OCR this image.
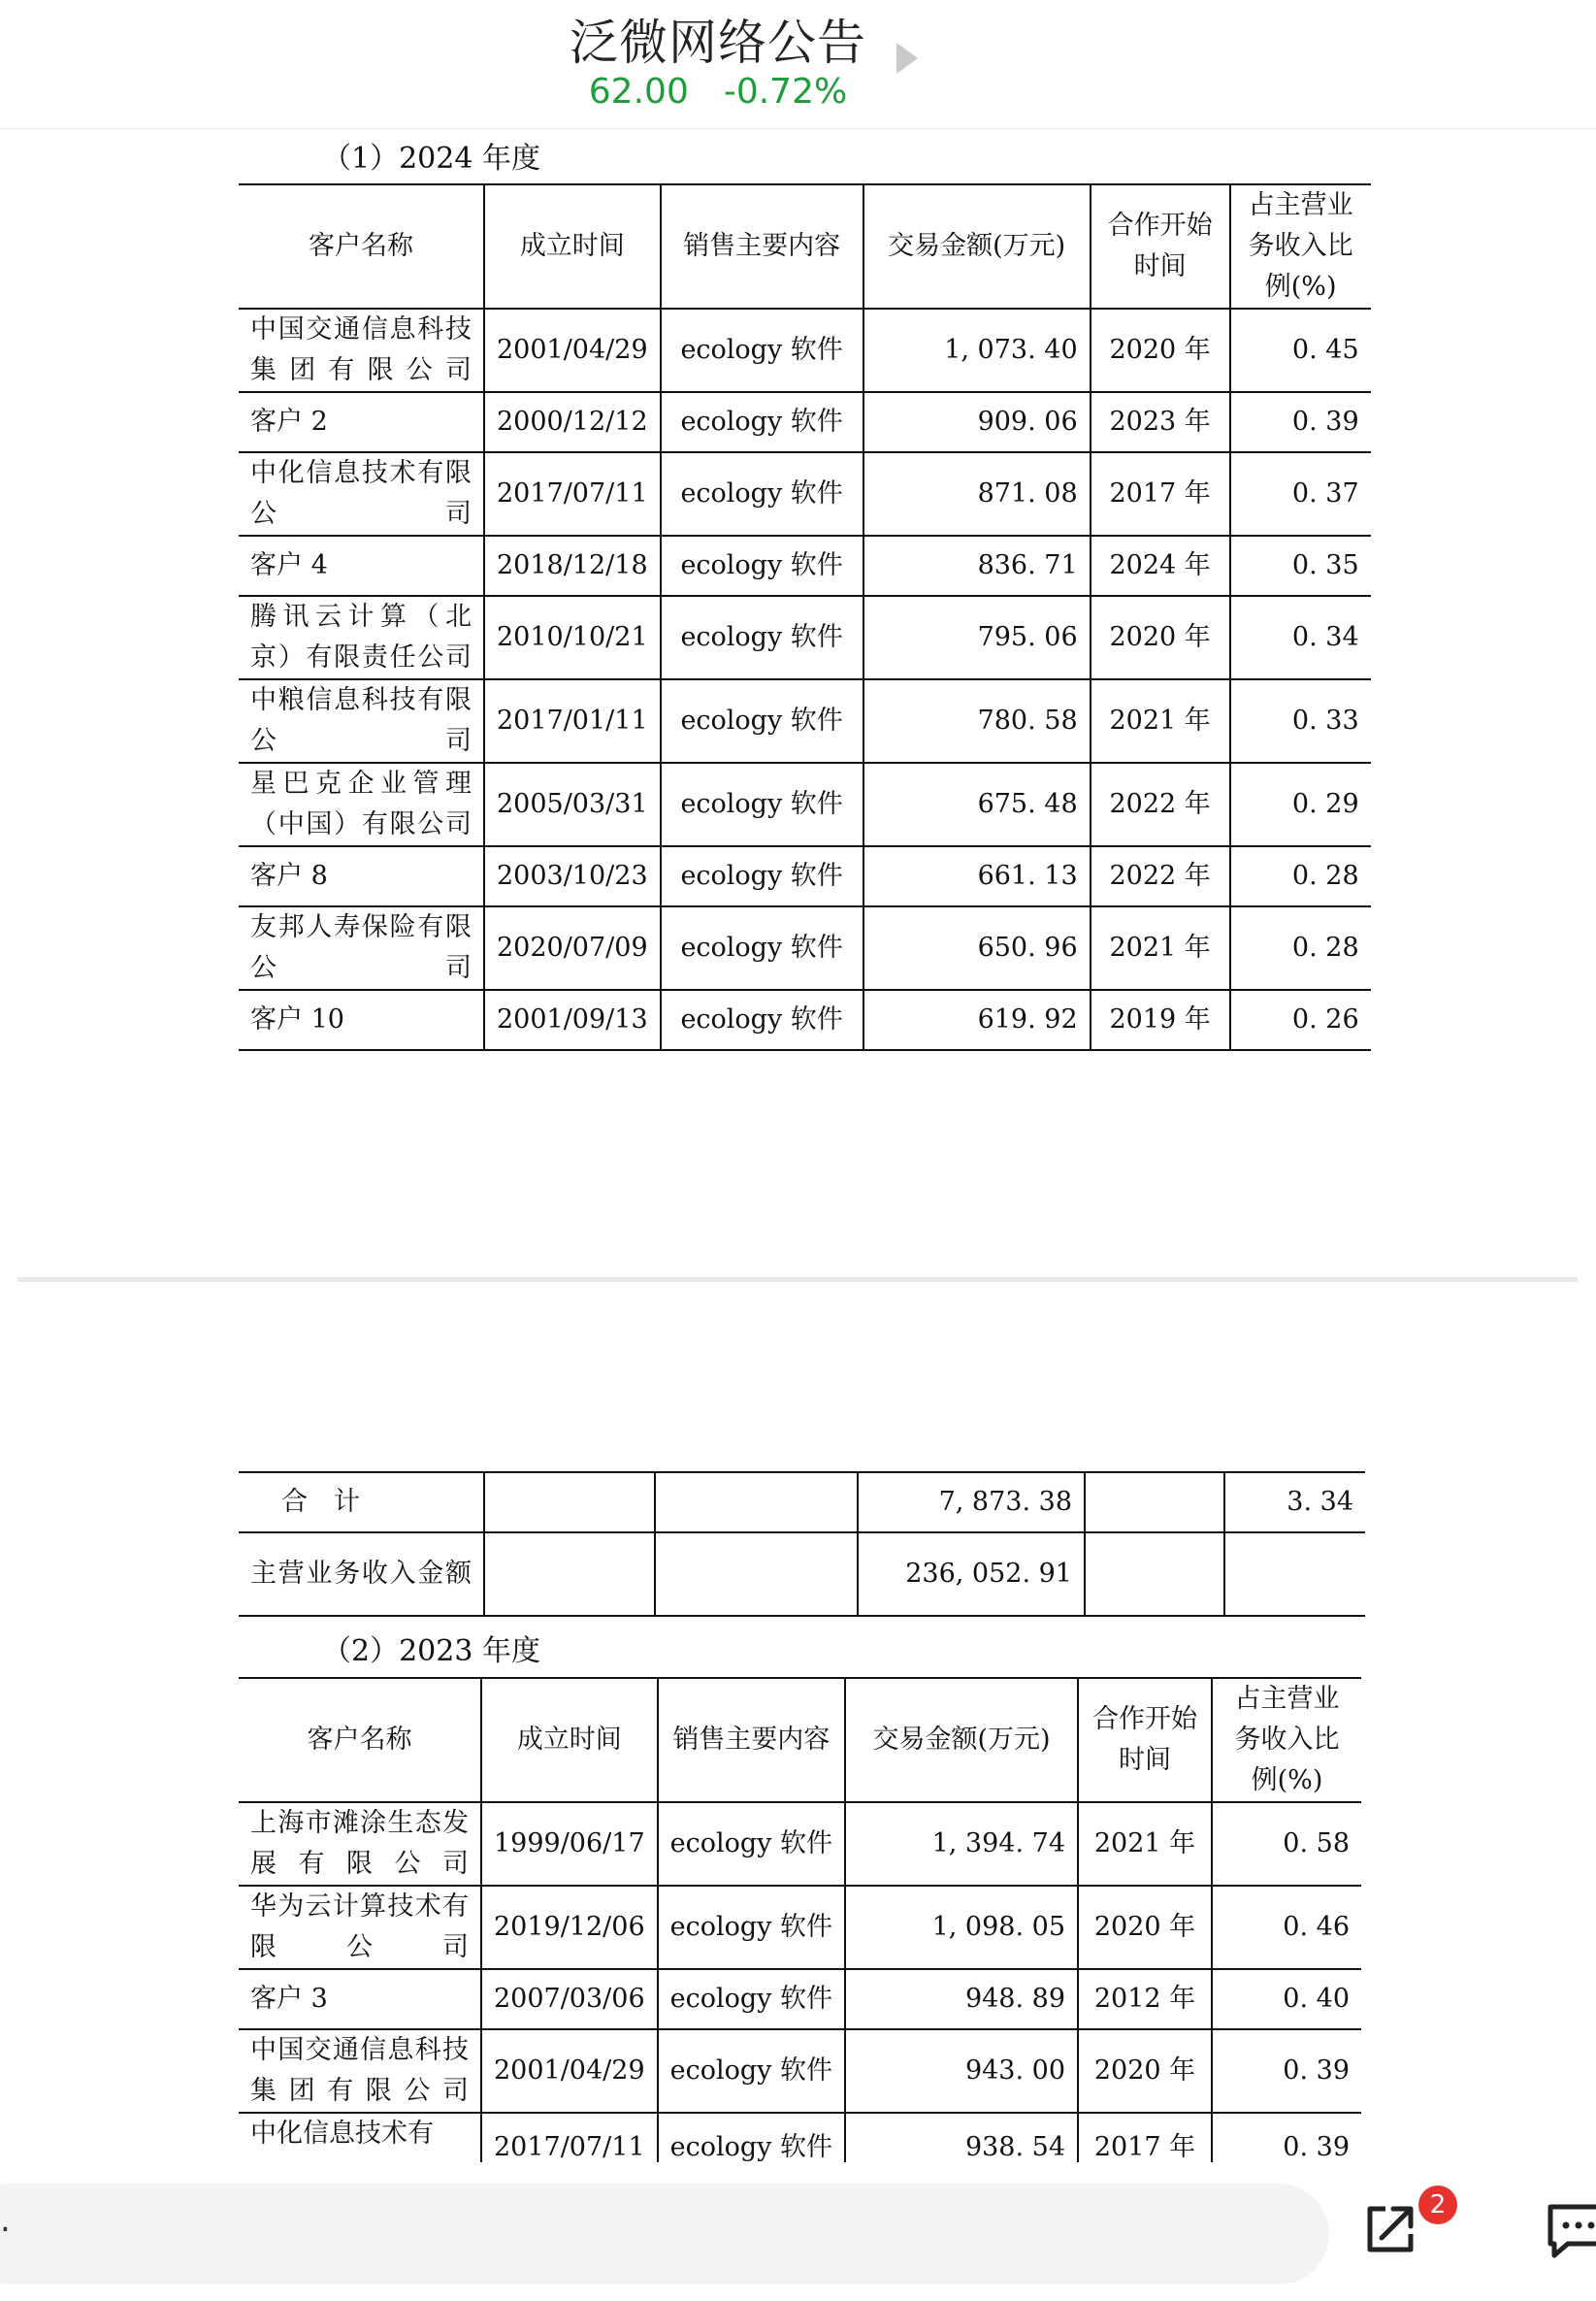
泛微网络公告
62.00 -0.72%
（1）2024 年度
客户名称	成立时间	销售主要内容	交易金额(万元)	合作开始时间	占主营业务收入比例(%)
中国交通信息科技集团有限公司	2001/04/29	ecology 软件	1, 073. 40	2020 年	0. 45
客户 2	2000/12/12	ecology 软件	909. 06	2023 年	0. 39
中化信息技术有限公司	2017/07/11	ecology 软件	871. 08	2017 年	0. 37
客户 4	2018/12/18	ecology 软件	836. 71	2024 年	0. 35
腾讯云计算（北京）有限责任公司	2010/10/21	ecology 软件	795. 06	2020 年	0. 34
中粮信息科技有限公司	2017/01/11	ecology 软件	780. 58	2021 年	0. 33
星巴克企业管理（中国）有限公司	2005/03/31	ecology 软件	675. 48	2022 年	0. 29
客户 8	2003/10/23	ecology 软件	661. 13	2022 年	0. 28
友邦人寿保险有限公司	2020/07/09	ecology 软件	650. 96	2021 年	0. 28
客户 10	2001/09/13	ecology 软件	619. 92	2019 年	0. 26
合　计			7, 873. 38		3. 34
主营业务收入金额			236, 052. 91		
（2）2023 年度
客户名称	成立时间	销售主要内容	交易金额(万元)	合作开始时间	占主营业务收入比例(%)
上海市滩涂生态发展有限公司	1999/06/17	ecology 软件	1, 394. 74	2021 年	0. 58
华为云计算技术有限公司	2019/12/06	ecology 软件	1, 098. 05	2020 年	0. 46
客户 3	2007/03/06	ecology 软件	948. 89	2012 年	0. 40
中国交通信息科技集团有限公司	2001/04/29	ecology 软件	943. 00	2020 年	0. 39
中化信息技术有	2017/07/11	ecology 软件	938. 54	2017 年	0. 39
.	2
